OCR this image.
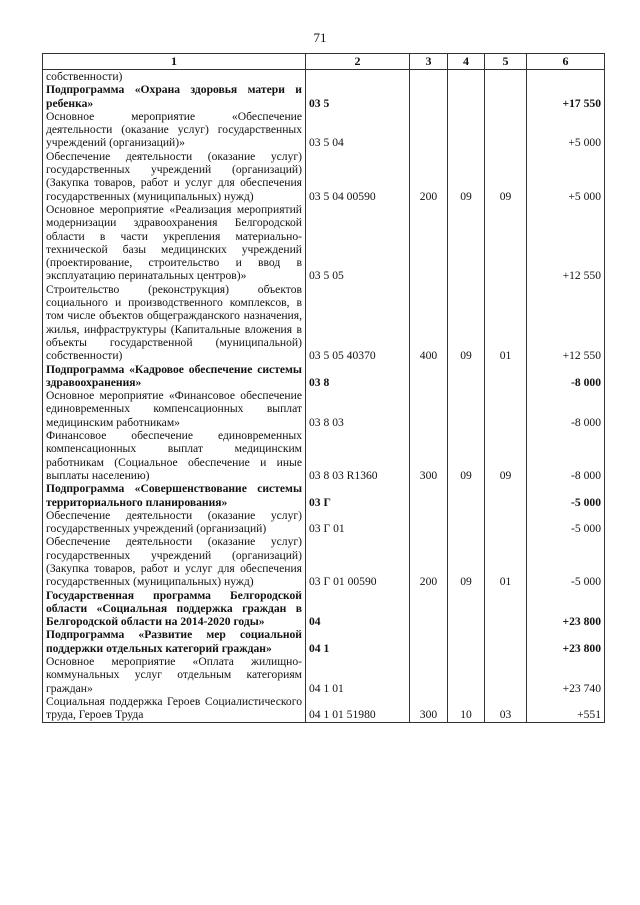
71
1	2	3	4	5	6
собственности)					
Подпрограмма «Охрана здоровья матери и ребенка»	03 5				+17 550
Основное мероприятие «Обеспечение деятельности (оказание услуг) государственных учреждений (организаций)»	03 5 04				+5 000
Обеспечение деятельности (оказание услуг) государственных учреждений (организаций) (Закупка товаров, работ и услуг для обеспечения государственных (муниципальных) нужд)	03 5 04 00590	200	09	09	+5 000
Основное мероприятие «Реализация мероприятий модернизации здравоохранения Белгородской области в части укрепления материально-технической базы медицинских учреждений (проектирование, строительство и ввод в эксплуатацию перинатальных центров)»	03 5 05				+12 550
Строительство (реконструкция) объектов социального и производственного комплексов, в том числе объектов общегражданского назначения, жилья, инфраструктуры (Капитальные вложения в объекты государственной (муниципальной) собственности)	03 5 05 40370	400	09	01	+12 550
Подпрограмма «Кадровое обеспечение системы здравоохранения»	03 8				-8 000
Основное мероприятие «Финансовое обеспечение единовременных компенсационных выплат медицинским работникам»	03 8 03				-8 000
Финансовое обеспечение единовременных компенсационных выплат медицинским работникам (Социальное обеспечение и иные выплаты населению)	03 8 03 R1360	300	09	09	-8 000
Подпрограмма «Совершенствование системы территориального планирования»	03 Г				-5 000
Обеспечение деятельности (оказание услуг) государственных учреждений (организаций)	03 Г 01				-5 000
Обеспечение деятельности (оказание услуг) государственных учреждений (организаций) (Закупка товаров, работ и услуг для обеспечения государственных (муниципальных) нужд)	03 Г 01 00590	200	09	01	-5 000
Государственная программа Белгородской области «Социальная поддержка граждан в Белгородской области на 2014-2020 годы»	04				+23 800
Подпрограмма «Развитие мер социальной поддержки отдельных категорий граждан»	04 1				+23 800
Основное мероприятие «Оплата жилищно-коммунальных услуг отдельным категориям граждан»	04 1 01				+23 740
Социальная поддержка Героев Социалистического труда, Героев Труда	04 1 01 51980	300	10	03	+551
